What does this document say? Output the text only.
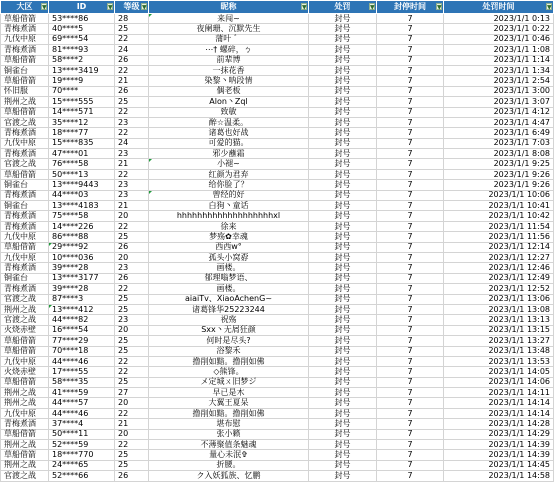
大区 ▼	ID ▼	等级 ▼	昵称 ▼	处罚 ▼	封停时间 ▼	处罚时间 ▼

草船借箭	53****86	28	来闯~	封号	7	2023/1/1 0:13
青梅煮酒	40****5	25	夜阑珊、沉默先生	封号	7	2023/1/1 0:22
九伐中原	69****54	22	蒲叶 ゛	封号	7	2023/1/1 0:46
青梅煮酒	81****93	24	⋯† 螺碎，ㄅ	封号	7	2023/1/1 1:08
草船借箭	58****2	26	前辈博	封号	7	2023/1/1 1:14
铜雀台	13****3419	22	一抹花香	封号	7	2023/1/1 1:34
草船借箭	19****9	21	染黎丶呐段情	封号	7	2023/1/1 2:54
怀旧服	70****	26	偶老板	封号	7	2023/1/1 3:00
荆州之战	15****555	25	Alon丶Zql	封号	7	2023/1/1 3:07
草船借箭	14****571	22	致敏	封号	7	2023/1/1 4:12
官渡之战	35****12	23	醉☆温柔。	封号	7	2023/1/1 4:47
青梅煮酒	18****77	22	诸葛也好战	封号	7	2023/1/1 6:49
九伐中原	15****835	24	可爱的猫。	封号	7	2023/1/1 7:03
青梅煮酒	47****01	23	邪少蘸霜	封号	7	2023/1/1 8:08
官渡之战	76****58	21	小褪~	封号	7	2023/1/1 9:25
草船借箭	50****13	22	红颜为君弃	封号	7	2023/1/1 9:26
铜雀台	13****9443	23	给你脸了？	封号	7	2023/1/1 9:26
青梅煮酒	44****03	23	曾经的好	封号	7	2023/1/1 10:06
铜雀台	13****4183	21	白狗丶童话	封号	7	2023/1/1 10:41
青梅煮酒	75****58	20	hhhhhhhhhhhhhhhhhhhxl	封号	7	2023/1/1 10:42
青梅煮酒	14****226	22	徐来	封号	7	2023/1/1 11:54
九伐中原	86****88	25	梦殇✿幸魂	封号	7	2023/1/1 11:56
草船借箭	29****92	26	西西w°	封号	7	2023/1/1 12:14
九伐中原	10****036	20	孤头小窝孬	封号	7	2023/1/1 12:27
青梅煮酒	39****28	23	画楼。	封号	7	2023/1/1 12:46
铜雀台	13****3177	26	郁理嗡梦语、	封号	7	2023/1/1 12:49
青梅煮酒	39****28	22	画楼。	封号	7	2023/1/1 12:52
官渡之战	87****3	25	aiaiTv、XiaoAchenG~	封号	7	2023/1/1 13:06
荆州之战	13****412	25	诸葛锋华25223244	封号	7	2023/1/1 13:08
官渡之战	44****82	23	祝殇	封号	7	2023/1/1 13:13
火烧赤壁	16****54	20	Sxx丶无屑狂颜	封号	7	2023/1/1 13:15
草船借箭	77****29	25	何时是尽头?	封号	7	2023/1/1 13:27
草船借箭	70****18	25	浴黎禾	封号	7	2023/1/1 13:48
九伐中原	44****46	22	撸削如黯。撸削如佛	封号	7	2023/1/1 13:53
火烧赤壁	17****55	22	◇熊锋。	封号	7	2023/1/1 14:05
草船借箭	58****35	25	メ定城ㄨ旧梦ジ	封号	7	2023/1/1 14:06
荆州之战	41****59	27	早已是木	封号	7	2023/1/1 14:11
荆州之战	44****57	20	大翼王夏呆	封号	7	2023/1/1 14:14
九伐中原	44****46	22	撸削如黯。撸削如佛	封号	7	2023/1/1 14:14
青梅煮酒	37****4	21	堪布慰	封号	7	2023/1/1 14:28
草船借箭	50****11	20	张小籁	封号	7	2023/1/1 14:29
荆州之战	52****59	22	不薄聚值条魅魂	封号	7	2023/1/1 14:39
草船借箭	18****770	25	量心未泯✞	封号	7	2023/1/1 14:39
荆州之战	24****65	25	折腰。	封号	7	2023/1/1 14:45
官渡之战	52****66	26	ク入妖狐族、忆鹏	封号	7	2023/1/1 14:58
